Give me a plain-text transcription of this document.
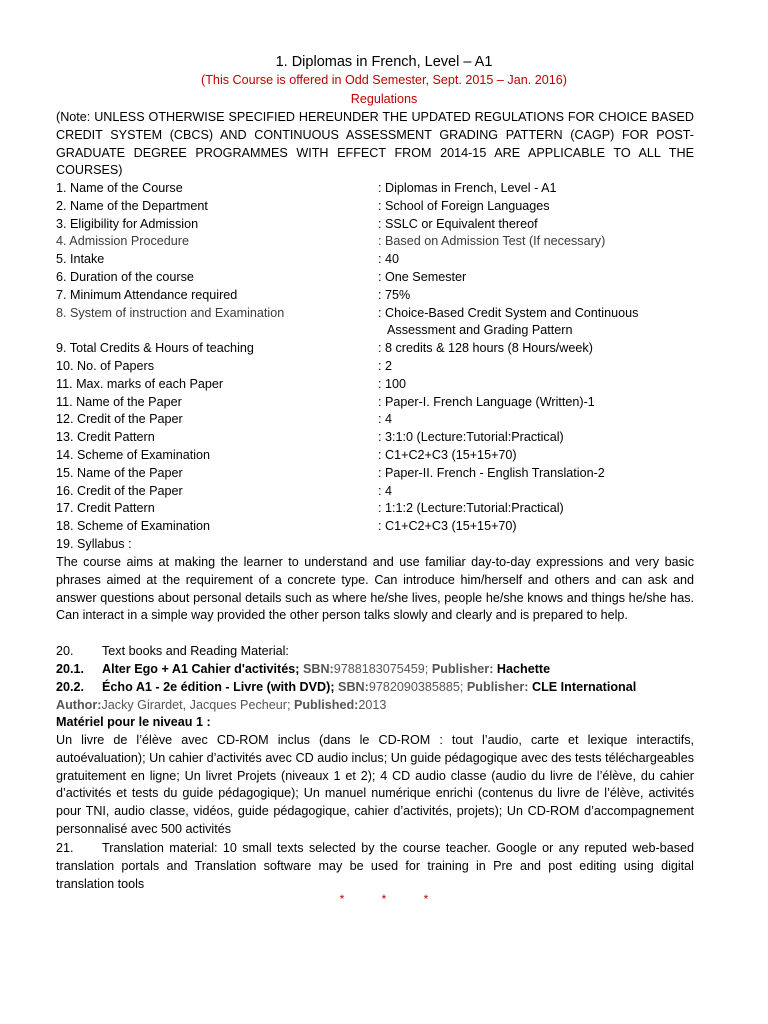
1. Diplomas in French, Level – A1
(This Course is offered in Odd Semester, Sept. 2015 – Jan. 2016)
Regulations
(Note: UNLESS OTHERWISE SPECIFIED HEREUNDER THE UPDATED REGULATIONS FOR CHOICE BASED CREDIT SYSTEM (CBCS) AND CONTINUOUS ASSESSMENT GRADING PATTERN (CAGP) FOR POST-GRADUATE DEGREE PROGRAMMES WITH EFFECT FROM 2014-15 ARE APPLICABLE TO ALL THE COURSES)
1. Name of the Course	: Diplomas in French, Level - A1
2. Name of the Department	: School of Foreign Languages
3. Eligibility for Admission	: SSLC or Equivalent thereof
4. Admission Procedure	: Based on Admission Test (If necessary)
5. Intake	: 40
6. Duration of the course	: One Semester
7. Minimum Attendance required	: 75%
8. System of instruction and Examination	: Choice-Based Credit System and Continuous
Assessment and Grading Pattern
9. Total Credits & Hours of teaching	: 8 credits & 128 hours (8 Hours/week)
10. No. of Papers	: 2
11. Max. marks of each Paper	: 100
11. Name of the Paper	: Paper-I. French Language (Written)-1
12. Credit of the Paper	: 4
13. Credit Pattern	: 3:1:0 (Lecture:Tutorial:Practical)
14. Scheme of Examination	: C1+C2+C3 (15+15+70)
15. Name of the Paper	: Paper-II. French - English Translation-2
16. Credit of the Paper	: 4
17. Credit Pattern	: 1:1:2 (Lecture:Tutorial:Practical)
18. Scheme of Examination	: C1+C2+C3 (15+15+70)
19. Syllabus :
The course aims at making the learner to understand and use familiar day-to-day expressions and very basic phrases aimed at the requirement of a concrete type. Can introduce him/herself and others and can ask and answer questions about personal details such as where he/she lives, people he/she knows and things he/she has. Can interact in a simple way provided the other person talks slowly and clearly and is prepared to help.
20. Text books and Reading Material:
20.1. Alter Ego + A1 Cahier d'activités; SBN:9788183075459; Publisher: Hachette
20.2. Écho A1 - 2e édition - Livre (with DVD); SBN:9782090385885; Publisher: CLE International
Author:Jacky Girardet, Jacques Pecheur; Published:2013
Matériel pour le niveau 1 :
Un livre de l’élève avec CD-ROM inclus (dans le CD-ROM : tout l’audio, carte et lexique interactifs, autoévaluation); Un cahier d’activités avec CD audio inclus; Un guide pédagogique avec des tests téléchargeables gratuitement en ligne; Un livret Projets (niveaux 1 et 2); 4 CD audio classe (audio du livre de l’élève, du cahier d’activités et tests du guide pédagogique); Un manuel numérique enrichi (contenus du livre de l’élève, activités pour TNI, audio classe, vidéos, guide pédagogique, cahier d’activités, projets); Un CD-ROM d’accompagnement personnalisé avec 500 activités
21. Translation material: 10 small texts selected by the course teacher. Google or any reputed web-based translation portals and Translation software may be used for training in Pre and post editing using digital translation tools
* * *
